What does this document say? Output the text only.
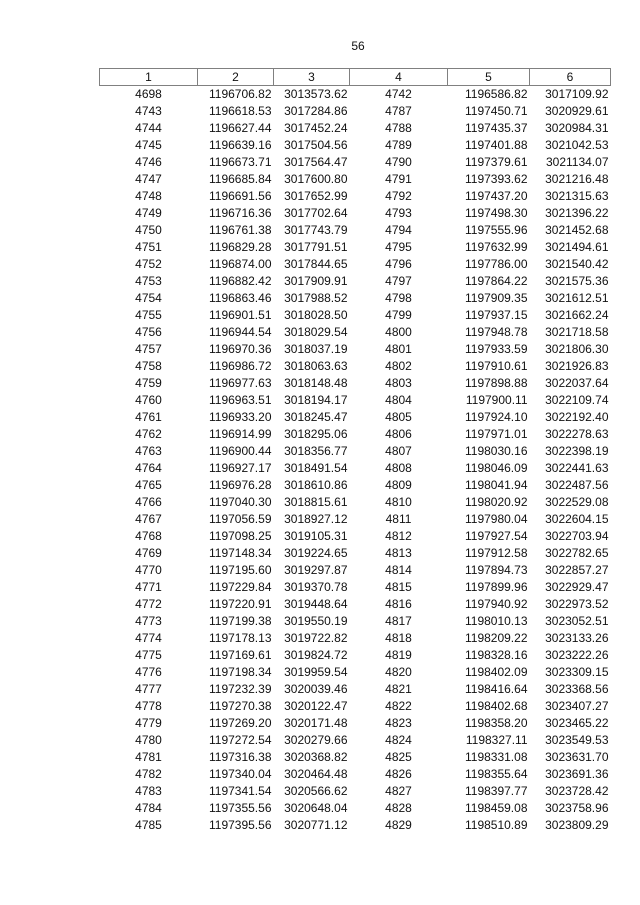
56
1	2	3	4	5	6
4698	1196706.82	3013573.62	4742	1196586.82	3017109.92
4743	1196618.53	3017284.86	4787	1197450.71	3020929.61
4744	1196627.44	3017452.24	4788	1197435.37	3020984.31
4745	1196639.16	3017504.56	4789	1197401.88	3021042.53
4746	1196673.71	3017564.47	4790	1197379.61	3021134.07
4747	1196685.84	3017600.80	4791	1197393.62	3021216.48
4748	1196691.56	3017652.99	4792	1197437.20	3021315.63
4749	1196716.36	3017702.64	4793	1197498.30	3021396.22
4750	1196761.38	3017743.79	4794	1197555.96	3021452.68
4751	1196829.28	3017791.51	4795	1197632.99	3021494.61
4752	1196874.00	3017844.65	4796	1197786.00	3021540.42
4753	1196882.42	3017909.91	4797	1197864.22	3021575.36
4754	1196863.46	3017988.52	4798	1197909.35	3021612.51
4755	1196901.51	3018028.50	4799	1197937.15	3021662.24
4756	1196944.54	3018029.54	4800	1197948.78	3021718.58
4757	1196970.36	3018037.19	4801	1197933.59	3021806.30
4758	1196986.72	3018063.63	4802	1197910.61	3021926.83
4759	1196977.63	3018148.48	4803	1197898.88	3022037.64
4760	1196963.51	3018194.17	4804	1197900.11	3022109.74
4761	1196933.20	3018245.47	4805	1197924.10	3022192.40
4762	1196914.99	3018295.06	4806	1197971.01	3022278.63
4763	1196900.44	3018356.77	4807	1198030.16	3022398.19
4764	1196927.17	3018491.54	4808	1198046.09	3022441.63
4765	1196976.28	3018610.86	4809	1198041.94	3022487.56
4766	1197040.30	3018815.61	4810	1198020.92	3022529.08
4767	1197056.59	3018927.12	4811	1197980.04	3022604.15
4768	1197098.25	3019105.31	4812	1197927.54	3022703.94
4769	1197148.34	3019224.65	4813	1197912.58	3022782.65
4770	1197195.60	3019297.87	4814	1197894.73	3022857.27
4771	1197229.84	3019370.78	4815	1197899.96	3022929.47
4772	1197220.91	3019448.64	4816	1197940.92	3022973.52
4773	1197199.38	3019550.19	4817	1198010.13	3023052.51
4774	1197178.13	3019722.82	4818	1198209.22	3023133.26
4775	1197169.61	3019824.72	4819	1198328.16	3023222.26
4776	1197198.34	3019959.54	4820	1198402.09	3023309.15
4777	1197232.39	3020039.46	4821	1198416.64	3023368.56
4778	1197270.38	3020122.47	4822	1198402.68	3023407.27
4779	1197269.20	3020171.48	4823	1198358.20	3023465.22
4780	1197272.54	3020279.66	4824	1198327.11	3023549.53
4781	1197316.38	3020368.82	4825	1198331.08	3023631.70
4782	1197340.04	3020464.48	4826	1198355.64	3023691.36
4783	1197341.54	3020566.62	4827	1198397.77	3023728.42
4784	1197355.56	3020648.04	4828	1198459.08	3023758.96
4785	1197395.56	3020771.12	4829	1198510.89	3023809.29
